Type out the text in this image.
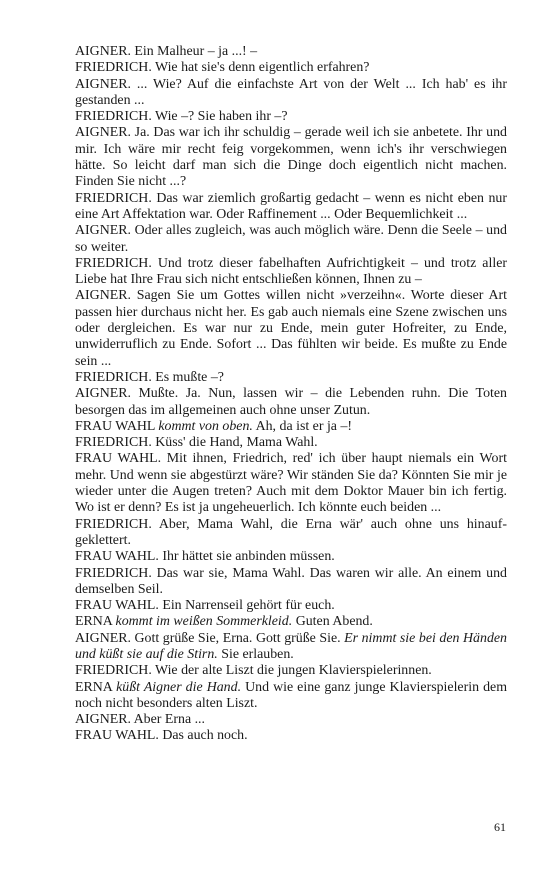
AIGNER. Ein Malheur – ja ...! –

FRIEDRICH. Wie hat sie's denn eigentlich erfahren?

AIGNER. ... Wie? Auf die einfachste Art von der Welt ... Ich hab' es ihr gestanden ...

FRIEDRICH. Wie –? Sie haben ihr –?

AIGNER. Ja. Das war ich ihr schuldig – gerade weil ich sie anbetete. Ihr und mir. Ich wäre mir recht feig vorgekommen, wenn ich's ihr verschwiegen hätte. So leicht darf man sich die Dinge doch eigentlich nicht machen. Finden Sie nicht ...?

FRIEDRICH. Das war ziemlich großartig gedacht – wenn es nicht eben nur eine Art Affektation war. Oder Raffinement ... Oder Bequemlichkeit ...

AIGNER. Oder alles zugleich, was auch möglich wäre. Denn die Seele – und so weiter.

FRIEDRICH. Und trotz dieser fabelhaften Aufrichtigkeit – und trotz aller Liebe hat Ihre Frau sich nicht entschließen können, Ihnen zu –

AIGNER. Sagen Sie um Gottes willen nicht »verzeihn«. Worte dieser Art passen hier durchaus nicht her. Es gab auch niemals eine Szene zwischen uns oder dergleichen. Es war nur zu Ende, mein guter Hofreiter, zu Ende, unwiderruflich zu Ende. Sofort ... Das fühlten wir beide. Es mußte zu Ende sein ...

FRIEDRICH. Es mußte –?

AIGNER. Mußte. Ja. Nun, lassen wir – die Lebenden ruhn. Die Toten besorgen das im allgemeinen auch ohne unser Zutun.

FRAU WAHL kommt von oben. Ah, da ist er ja –!

FRIEDRICH. Küss' die Hand, Mama Wahl.

FRAU WAHL. Mit ihnen, Friedrich, red' ich über haupt niemals ein Wort mehr. Und wenn sie abgestürzt wäre? Wir ständen Sie da? Könnten Sie mir je wieder unter die Augen treten? Auch mit dem Doktor Mauer bin ich fertig. Wo ist er denn? Es ist ja ungeheuerlich. Ich könnte euch beiden ...

FRIEDRICH. Aber, Mama Wahl, die Erna wär' auch ohne uns hinaufgeklettert.

FRAU WAHL. Ihr hättet sie anbinden müssen.

FRIEDRICH. Das war sie, Mama Wahl. Das waren wir alle. An einem und demselben Seil.

FRAU WAHL. Ein Narrenseil gehört für euch.

ERNA kommt im weißen Sommerkleid. Guten Abend.

AIGNER. Gott grüße Sie, Erna. Gott grüße Sie. Er nimmt sie bei den Händen und küßt sie auf die Stirn. Sie erlauben.

FRIEDRICH. Wie der alte Liszt die jungen Klavierspielerinnen.

ERNA küßt Aigner die Hand. Und wie eine ganz junge Klavierspielerin dem noch nicht besonders alten Liszt.

AIGNER. Aber Erna ...

FRAU WAHL. Das auch noch.

61
